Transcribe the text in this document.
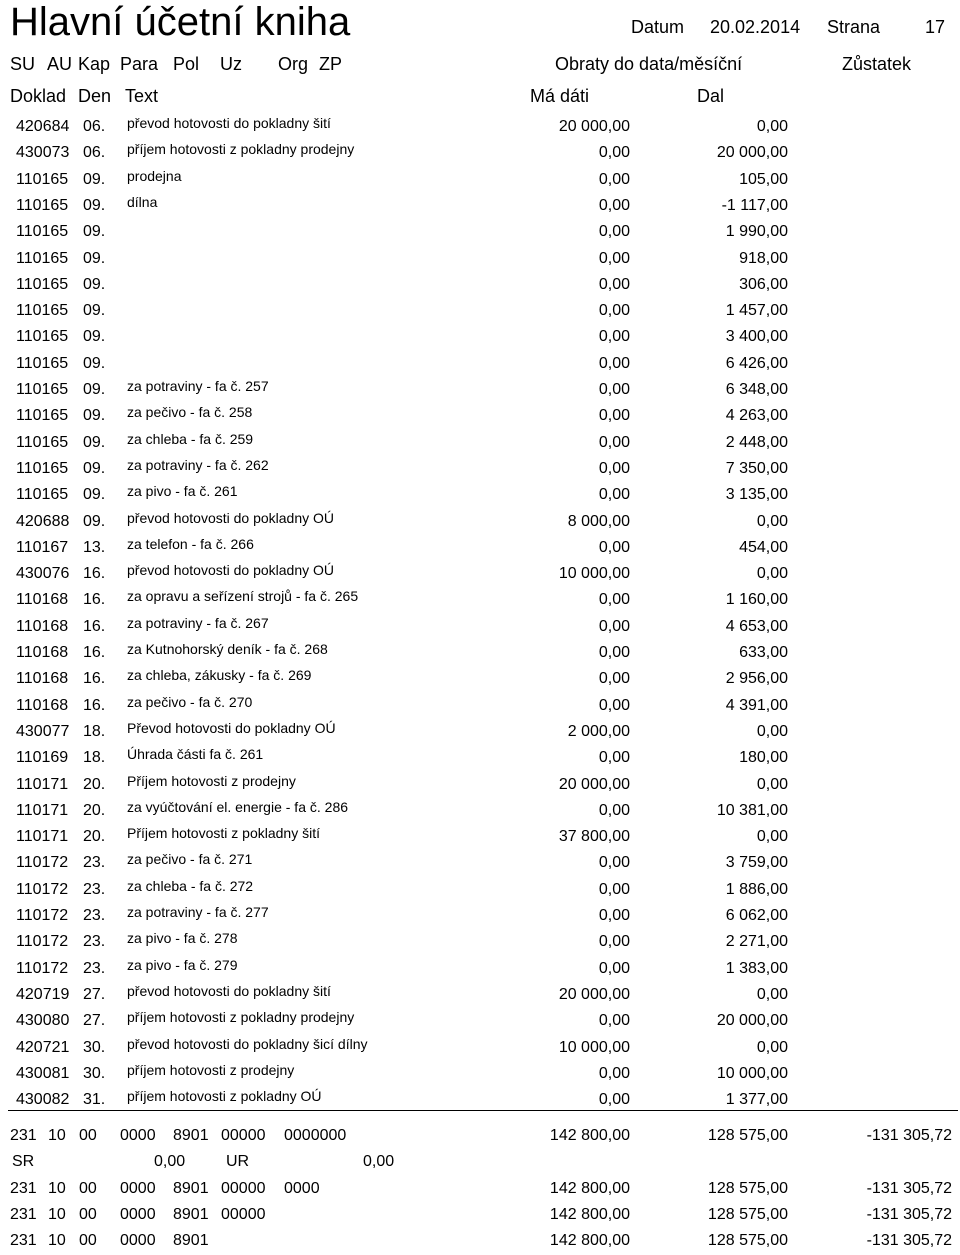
Hlavní účetní kniha	Datum 20.02.2014 Strana 17
SU AU Kap Para Pol Uz Org ZP	Obraty do data/měsíční	Zůstatek
Doklad Den Text	Má dáti	Dal
420684 06. převod hotovosti do pokladny šití	20 000,00	0,00
430073 06. příjem hotovosti z pokladny prodejny	0,00	20 000,00
110165 09. prodejna	0,00	105,00
110165 09. dílna	0,00	-1 117,00
110165 09.	0,00	1 990,00
110165 09.	0,00	918,00
110165 09.	0,00	306,00
110165 09.	0,00	1 457,00
110165 09.	0,00	3 400,00
110165 09.	0,00	6 426,00
110165 09. za potraviny - fa č. 257	0,00	6 348,00
110165 09. za pečivo - fa č. 258	0,00	4 263,00
110165 09. za chleba - fa č. 259	0,00	2 448,00
110165 09. za potraviny - fa č. 262	0,00	7 350,00
110165 09. za pivo - fa č. 261	0,00	3 135,00
420688 09. převod hotovosti do pokladny OÚ	8 000,00	0,00
110167 13. za telefon - fa č. 266	0,00	454,00
430076 16. převod hotovosti do pokladny OÚ	10 000,00	0,00
110168 16. za opravu a seřízení strojů - fa č. 265	0,00	1 160,00
110168 16. za potraviny - fa č. 267	0,00	4 653,00
110168 16. za Kutnohorský deník - fa č. 268	0,00	633,00
110168 16. za chleba, zákusky - fa č. 269	0,00	2 956,00
110168 16. za pečivo - fa č. 270	0,00	4 391,00
430077 18. Převod hotovosti do pokladny OÚ	2 000,00	0,00
110169 18. Úhrada části fa č. 261	0,00	180,00
110171 20. Příjem hotovosti z prodejny	20 000,00	0,00
110171 20. za vyúčtování el. energie - fa č. 286	0,00	10 381,00
110171 20. Příjem hotovosti z pokladny šití	37 800,00	0,00
110172 23. za pečivo - fa č. 271	0,00	3 759,00
110172 23. za chleba - fa č. 272	0,00	1 886,00
110172 23. za potraviny - fa č. 277	0,00	6 062,00
110172 23. za pivo - fa č. 278	0,00	2 271,00
110172 23. za pivo - fa č. 279	0,00	1 383,00
420719 27. převod hotovosti do pokladny šití	20 000,00	0,00
430080 27. příjem hotovosti z pokladny prodejny	0,00	20 000,00
420721 30. převod hotovosti do pokladny šicí dílny	10 000,00	0,00
430081 30. příjem hotovosti z prodejny	0,00	10 000,00
430082 31. příjem hotovosti z pokladny OÚ	0,00	1 377,00
231 10 00 0000 8901 00000 0000000	142 800,00	128 575,00	-131 305,72
SR	0,00	UR	0,00
231 10 00 0000 8901 00000 0000	142 800,00	128 575,00	-131 305,72
231 10 00 0000 8901 00000	142 800,00	128 575,00	-131 305,72
231 10 00 0000 8901	142 800,00	128 575,00	-131 305,72
